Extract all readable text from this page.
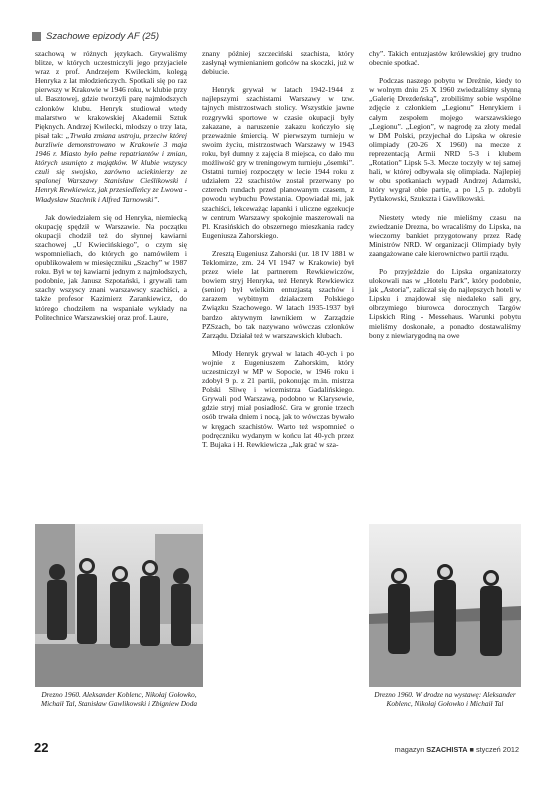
Szachowe epizody AF (25)

szachową w różnych językach. Grywaliśmy blitze, w których uczestniczyli jego przyjaciele wraz z prof. Andrzejem Kwileckim, kolegą Henryka z lat młodzieńczych. Spotkali się po raz pierwszy w Krakowie w 1946 roku, w klubie przy ul. Basztowej, gdzie tworzyli parę najmłodszych członków klubu. Henryk studiował wtedy malarstwo w krakowskiej Akademii Sztuk Pięknych. Andrzej Kwilecki, młodszy o trzy lata, pisał tak: „Trwała zmiana ustroju, przeciw której burzliwie demonstrowano w Krakowie 3 maja 1946 r. Miasto było pełne repatriantów i zmian, których usunięto z majątków. W klubie wszyscy czuli się swojsko, zarówno uciekinierzy ze spalonej Warszawy Stanisław Cieślikowski i Henryk Rewkiewicz, jak przesiedleńcy ze Lwowa - Władysław Stachnik i Alfred Tarnowski”.

Jak dowiedziałem się od Henryka, niemiecką okupację spędził w Warszawie. Na początku okupacji chodził też do słynnej kawiarni szachowej „U Kwiecińskiego”, o czym się wspomnieliach, do których go namówiłem i opublikowałem w miesięczniku „Szachy” w 1987 roku. Był w tej kawiarni jednym z najmłodszych, podobnie, jak Janusz Szpotański, i grywali tam szachy wszyscy znani warszawscy szachiści, a także profesor Kazimierz Zarankiewicz, do którego chodziłem na wspaniałe wykłady na Politechnice Warszawskiej oraz prof. Laure,

znany później szczeciński szachista, który zasłynął wymienianiem gońców na skoczki, już w debiucie.

Henryk grywał w latach 1942-1944 z najlepszymi szachistami Warszawy w tzw. tajnych mistrzostwach stolicy. Wszystkie jawne rozgrywki sportowe w czasie okupacji były zakazane, a naruszenie zakazu kończyło się przeważnie śmiercią. W pierwszym turnieju w swoim życiu, mistrzostwach Warszawy w 1943 roku, był dumny z zajęcia 8 miejsca, co dało mu możliwość gry w treningowym turnieju „ósemki”. Ostatni turniej rozpoczęty w lecie 1944 roku z udziałem 22 szachistów został przerwany po czterech rundach przed planowanym czasem, z powodu wybuchu Powstania. Opowiadał mi, jak szachiści, lekceważąc łapanki i uliczne egzekucje w centrum Warszawy spokojnie maszerowali na Pl. Krasińskich do obszernego mieszkania radcy Eugeniusza Zahorskiego.

Zresztą Eugeniusz Zahorski (ur. 18 IV 1881 w Teklomirze, zm. 24 VI 1947 w Krakowie) był przez wiele lat partnerem Rewkiewiczów, bowiem stryj Henryka, też Henryk Rewkiewicz (senior) był wielkim entuzjastą szachów i zarazem wybitnym działaczem Polskiego Związku Szachowego. W latach 1935-1937 był bardzo aktywnym ławnikiem w Zarządzie PZSzach, bo tak nazywano wówczas członków Zarządu. Działał też w warszawskich klubach.

Młody Henryk grywał w latach 40-ych i po wojnie z Eugeniuszem Zahorskim, który uczestniczył w MP w Sopocie, w 1946 roku i zdobył 9 p. z 21 partii, pokonując m.in. mistrza Polski Sliwę i wicemistrza Gadalińskiego. Grywali pod Warszawą, podobno w Klarysewie, gdzie stryj miał posiadłość. Gra w gronie trzech osób trwała dniem i nocą, jak to wówczas bywało w kręgach szachistów. Warto też wspomnieć o podręczniku wydanym w końcu lat 40-ych przez T. Bujaka i H. Rewkiewicza „Jak grać w sza-

chy”. Takich entuzjastów królewskiej gry trudno obecnie spotkać.

Podczas naszego pobytu w Dreźnie, kiedy to w wolnym dniu 25 X 1960 zwiedzaliśmy słynną „Galerię Drezdeńską”, zrobiliśmy sobie wspólne zdjęcie z członkiem „Legionu” Henrykiem i całym zespołem mojego warszawskiego „Legionu”. „Legion”, w nagrodę za złoty medal w DM Polski, przyjechał do Lipska w okresie olimpiady (20-26 X 1960) na mecze z reprezentacją Armii NRD 5-3 i klubem „Rotation” Lipsk 5-3. Mecze toczyły w tej samej hali, w której odbywała się olimpiada. Najlepiej w obu spotkaniach wypadł Andrzej Adamski, który wygrał obie partie, a po 1,5 p. zdobyli Pytlakowski, Szukszta i Gawlikowski.

Niestety wtedy nie mieliśmy czasu na zwiedzanie Drezna, bo wracaliśmy do Lipska, na wieczorny bankiet przygotowany przez Radę Ministrów NRD. W organizacji Olimpiady były zaangażowane całe kierownictwo partii rządu.

Po przyjeździe do Lipska organizatorzy ulokowali nas w „Hotelu Park”, który podobnie, jak „Astoria”, zaliczał się do najlepszych hoteli w Lipsku i znajdował się niedaleko sali gry, olbrzymiego biurowca dorocznych Targów Lipskich Ring - Messehaus. Warunki pobytu mieliśmy doskonałe, a ponadto dostawaliśmy bony z niewiarygodną na owe

Drezno 1960. Aleksander Koblenc, Nikołaj Gołowko, Michaił Tal, Stanisław Gawlikowski i Zbigniew Doda
Drezno 1960. W drodze na wystawę: Aleksander Koblenc, Nikołaj Gołowko i Michaił Tal
22	magazyn SZACHISTA ■ styczeń 2012
